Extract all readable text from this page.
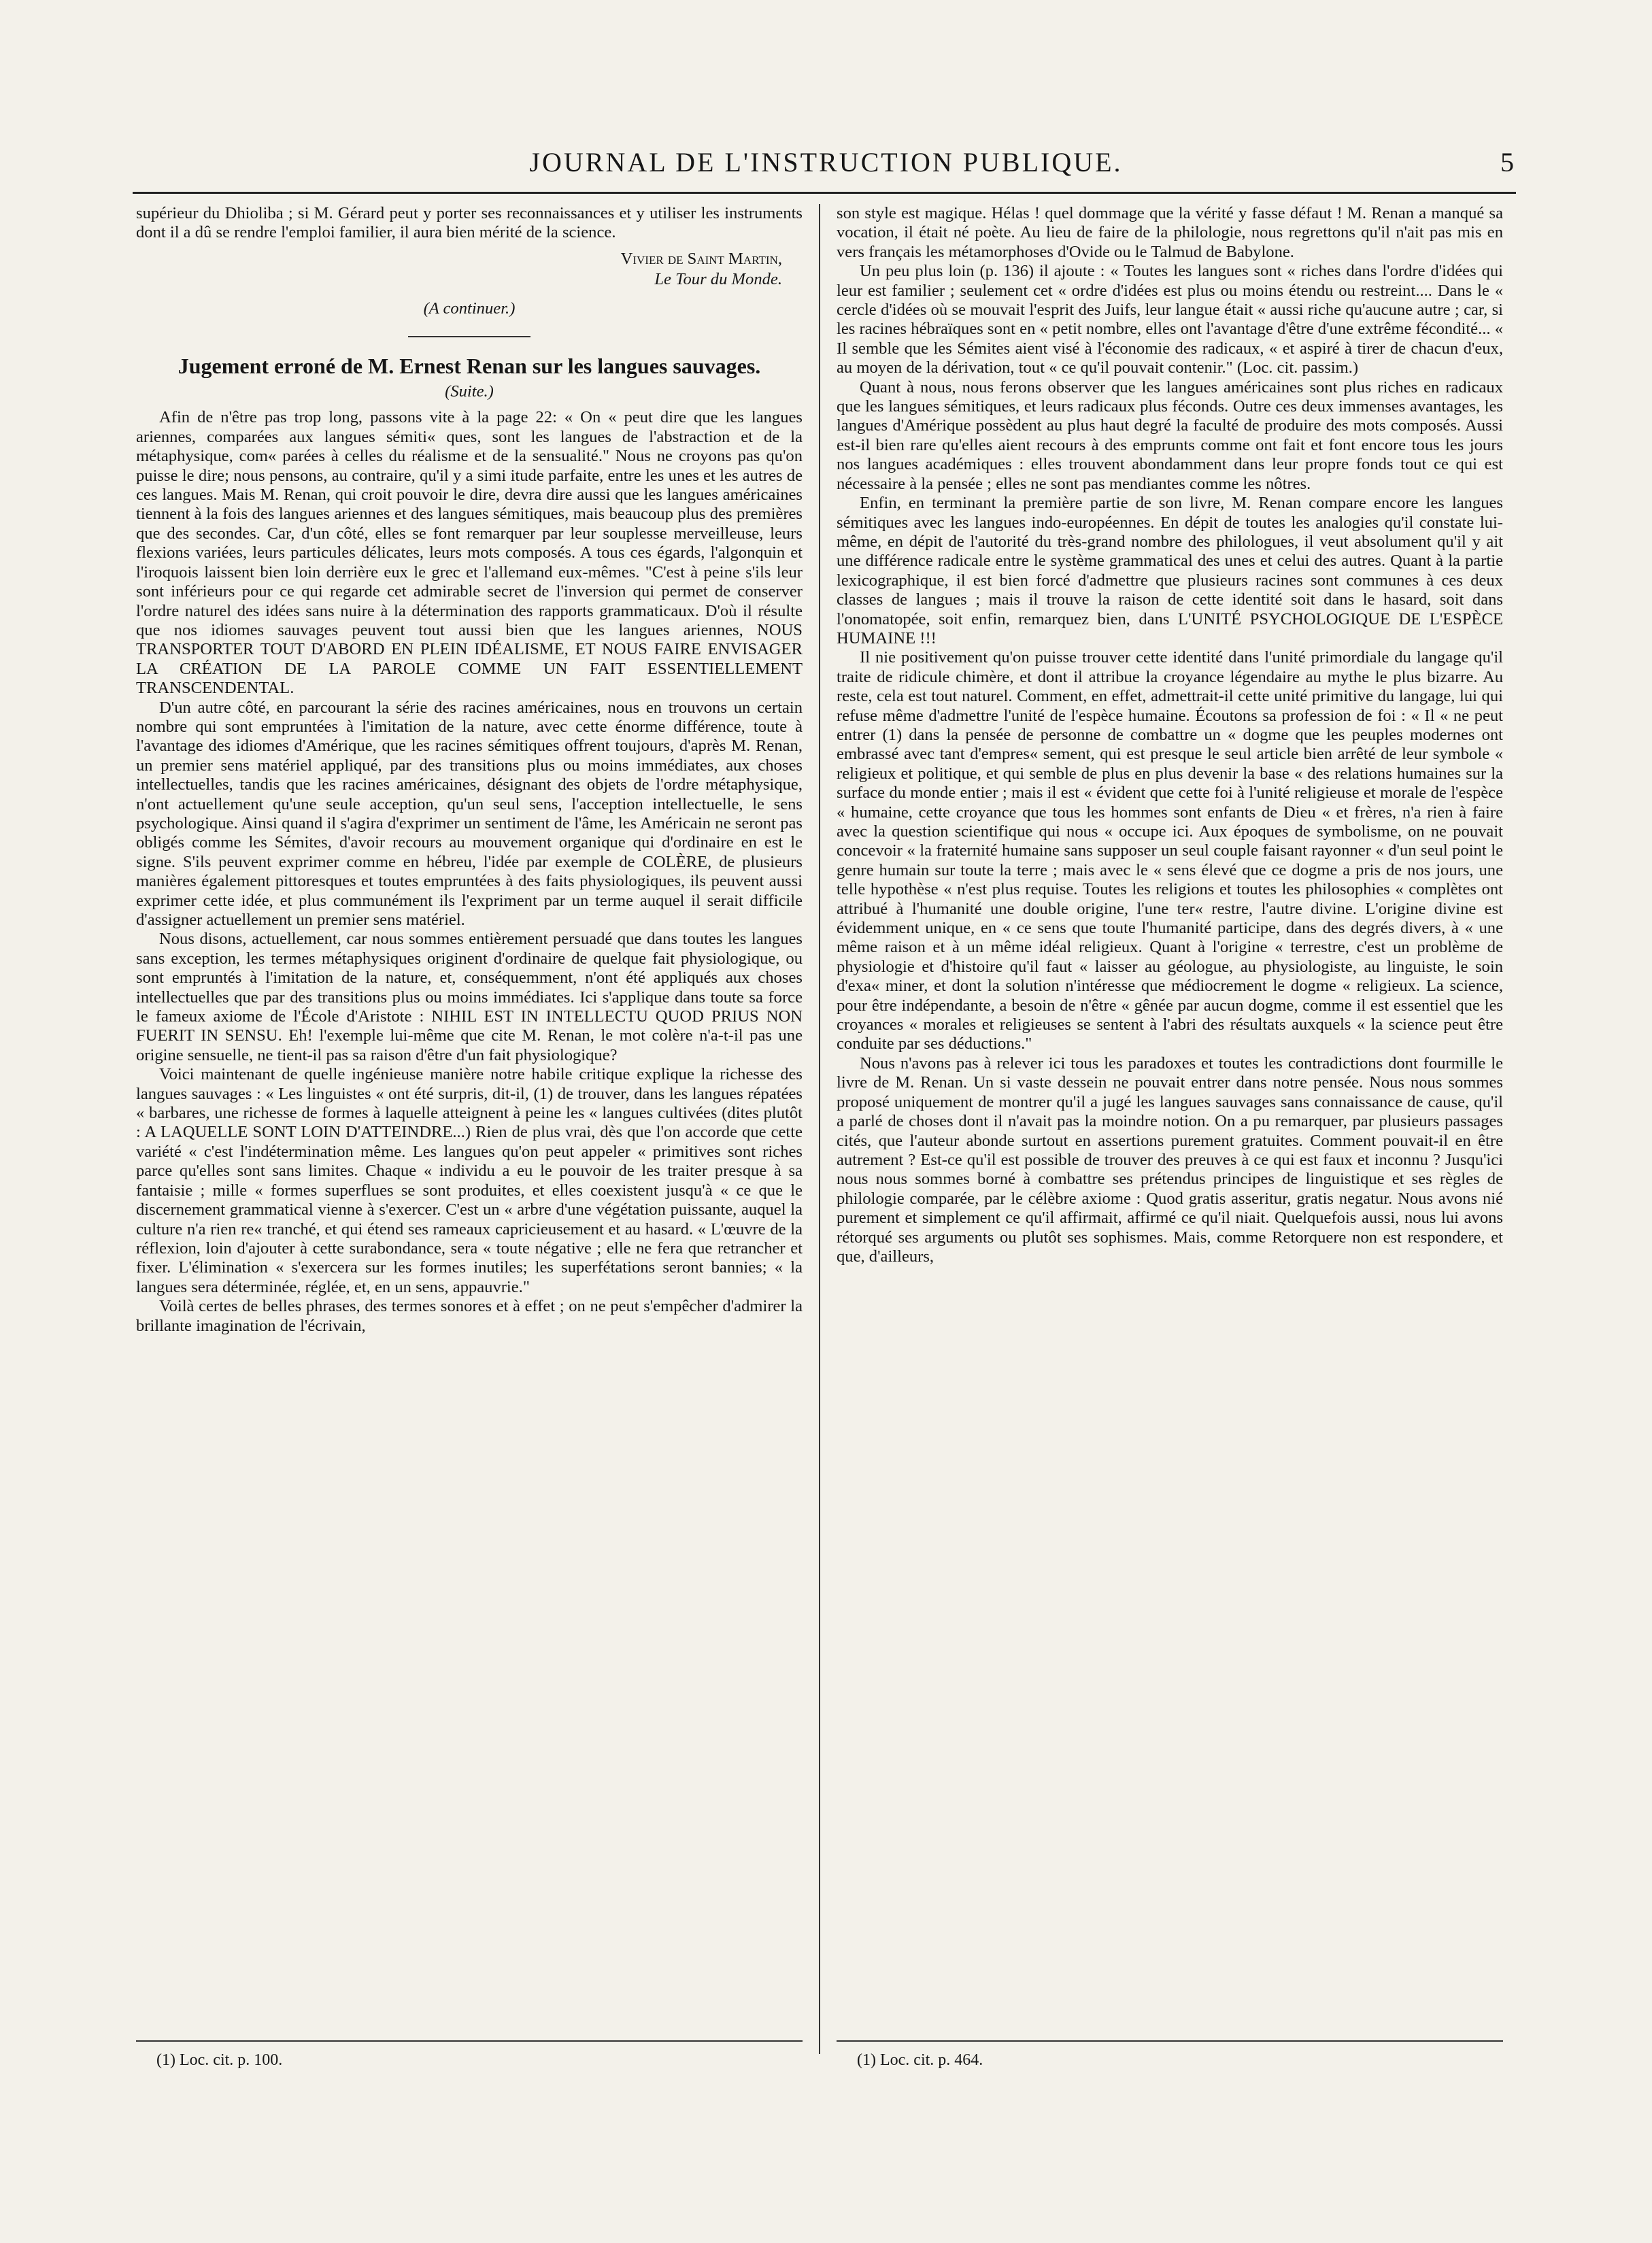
JOURNAL DE L'INSTRUCTION PUBLIQUE.	5

supérieur du Dhioliba ; si M. Gérard peut y porter ses reconnaissances et y utiliser les instruments dont il a dû se rendre l'emploi familier, il aura bien mérité de la science.

Vivier de Saint Martin,
Le Tour du Monde.
(A continuer.)
Jugement erroné de M. Ernest Renan sur les langues sauvages.
(Suite.)

Afin de n'être pas trop long, passons vite à la page 22: « On « peut dire que les langues ariennes, comparées aux langues sémiti« ques, sont les langues de l'abstraction et de la métaphysique, com« parées à celles du réalisme et de la sensualité." Nous ne croyons pas qu'on puisse le dire; nous pensons, au contraire, qu'il y a simi itude parfaite, entre les unes et les autres de ces langues. Mais M. Renan, qui croit pouvoir le dire, devra dire aussi que les langues américaines tiennent à la fois des langues ariennes et des langues sémitiques, mais beaucoup plus des premières que des secondes. Car, d'un côté, elles se font remarquer par leur souplesse merveilleuse, leurs flexions variées, leurs particules délicates, leurs mots composés. A tous ces égards, l'algonquin et l'iroquois laissent bien loin derrière eux le grec et l'allemand eux-mêmes. "C'est à peine s'ils leur sont inférieurs pour ce qui regarde cet admirable secret de l'inversion qui permet de conserver l'ordre naturel des idées sans nuire à la détermination des rapports grammaticaux. D'où il résulte que nos idiomes sauvages peuvent tout aussi bien que les langues ariennes, NOUS TRANSPORTER TOUT D'ABORD EN PLEIN IDÉALISME, ET NOUS FAIRE ENVISAGER LA CRÉATION DE LA PAROLE COMME UN FAIT ESSENTIELLEMENT TRANSCENDENTAL.

D'un autre côté, en parcourant la série des racines américaines, nous en trouvons un certain nombre qui sont empruntées à l'imitation de la nature, avec cette énorme différence, toute à l'avantage des idiomes d'Amérique, que les racines sémitiques offrent toujours, d'après M. Renan, un premier sens matériel appliqué, par des transitions plus ou moins immédiates, aux choses intellectuelles, tandis que les racines américaines, désignant des objets de l'ordre métaphysique, n'ont actuellement qu'une seule acception, qu'un seul sens, l'acception intellectuelle, le sens psychologique. Ainsi quand il s'agira d'exprimer un sentiment de l'âme, les Américain ne seront pas obligés comme les Sémites, d'avoir recours au mouvement organique qui d'ordinaire en est le signe. S'ils peuvent exprimer comme en hébreu, l'idée par exemple de COLÈRE, de plusieurs manières également pittoresques et toutes empruntées à des faits physiologiques, ils peuvent aussi exprimer cette idée, et plus communément ils l'expriment par un terme auquel il serait difficile d'assigner actuellement un premier sens matériel.

Nous disons, actuellement, car nous sommes entièrement persuadé que dans toutes les langues sans exception, les termes métaphysiques originent d'ordinaire de quelque fait physiologique, ou sont empruntés à l'imitation de la nature, et, conséquemment, n'ont été appliqués aux choses intellectuelles que par des transitions plus ou moins immédiates. Ici s'applique dans toute sa force le fameux axiome de l'École d'Aristote : NIHIL EST IN INTELLECTU QUOD PRIUS NON FUERIT IN SENSU. Eh! l'exemple lui-même que cite M. Renan, le mot colère n'a-t-il pas une origine sensuelle, ne tient-il pas sa raison d'être d'un fait physiologique?

Voici maintenant de quelle ingénieuse manière notre habile critique explique la richesse des langues sauvages : « Les linguistes « ont été surpris, dit-il, (1) de trouver, dans les langues répatées « barbares, une richesse de formes à laquelle atteignent à peine les « langues cultivées (dites plutôt : A LAQUELLE SONT LOIN D'ATTEINDRE...) Rien de plus vrai, dès que l'on accorde que cette variété « c'est l'indétermination même. Les langues qu'on peut appeler « primitives sont riches parce qu'elles sont sans limites. Chaque « individu a eu le pouvoir de les traiter presque à sa fantaisie ; mille « formes superflues se sont produites, et elles coexistent jusqu'à « ce que le discernement grammatical vienne à s'exercer. C'est un « arbre d'une végétation puissante, auquel la culture n'a rien re« tranché, et qui étend ses rameaux capricieusement et au hasard. « L'œuvre de la réflexion, loin d'ajouter à cette surabondance, sera « toute négative ; elle ne fera que retrancher et fixer. L'élimination « s'exercera sur les formes inutiles; les superfétations seront bannies; « la langues sera déterminée, réglée, et, en un sens, appauvrie."

Voilà certes de belles phrases, des termes sonores et à effet ; on ne peut s'empêcher d'admirer la brillante imagination de l'écrivain,

son style est magique. Hélas ! quel dommage que la vérité y fasse défaut ! M. Renan a manqué sa vocation, il était né poète. Au lieu de faire de la philologie, nous regrettons qu'il n'ait pas mis en vers français les métamorphoses d'Ovide ou le Talmud de Babylone.

Un peu plus loin (p. 136) il ajoute : « Toutes les langues sont « riches dans l'ordre d'idées qui leur est familier ; seulement cet « ordre d'idées est plus ou moins étendu ou restreint.... Dans le « cercle d'idées où se mouvait l'esprit des Juifs, leur langue était « aussi riche qu'aucune autre ; car, si les racines hébraïques sont en « petit nombre, elles ont l'avantage d'être d'une extrême fécondité... « Il semble que les Sémites aient visé à l'économie des radicaux, « et aspiré à tirer de chacun d'eux, au moyen de la dérivation, tout « ce qu'il pouvait contenir." (Loc. cit. passim.)

Quant à nous, nous ferons observer que les langues américaines sont plus riches en radicaux que les langues sémitiques, et leurs radicaux plus féconds. Outre ces deux immenses avantages, les langues d'Amérique possèdent au plus haut degré la faculté de produire des mots composés. Aussi est-il bien rare qu'elles aient recours à des emprunts comme ont fait et font encore tous les jours nos langues académiques : elles trouvent abondamment dans leur propre fonds tout ce qui est nécessaire à la pensée ; elles ne sont pas mendiantes comme les nôtres.

Enfin, en terminant la première partie de son livre, M. Renan compare encore les langues sémitiques avec les langues indo-européennes. En dépit de toutes les analogies qu'il constate lui-même, en dépit de l'autorité du très-grand nombre des philologues, il veut absolument qu'il y ait une différence radicale entre le système grammatical des unes et celui des autres. Quant à la partie lexicographique, il est bien forcé d'admettre que plusieurs racines sont communes à ces deux classes de langues ; mais il trouve la raison de cette identité soit dans le hasard, soit dans l'onomatopée, soit enfin, remarquez bien, dans L'UNITÉ PSYCHOLOGIQUE DE L'ESPÈCE HUMAINE !!!

Il nie positivement qu'on puisse trouver cette identité dans l'unité primordiale du langage qu'il traite de ridicule chimère, et dont il attribue la croyance légendaire au mythe le plus bizarre. Au reste, cela est tout naturel. Comment, en effet, admettrait-il cette unité primitive du langage, lui qui refuse même d'admettre l'unité de l'espèce humaine. Écoutons sa profession de foi : « Il « ne peut entrer (1) dans la pensée de personne de combattre un « dogme que les peuples modernes ont embrassé avec tant d'empres« sement, qui est presque le seul article bien arrêté de leur symbole « religieux et politique, et qui semble de plus en plus devenir la base « des relations humaines sur la surface du monde entier ; mais il est « évident que cette foi à l'unité religieuse et morale de l'espèce « humaine, cette croyance que tous les hommes sont enfants de Dieu « et frères, n'a rien à faire avec la question scientifique qui nous « occupe ici. Aux époques de symbolisme, on ne pouvait concevoir « la fraternité humaine sans supposer un seul couple faisant rayonner « d'un seul point le genre humain sur toute la terre ; mais avec le « sens élevé que ce dogme a pris de nos jours, une telle hypothèse « n'est plus requise. Toutes les religions et toutes les philosophies « complètes ont attribué à l'humanité une double origine, l'une ter« restre, l'autre divine. L'origine divine est évidemment unique, en « ce sens que toute l'humanité participe, dans des degrés divers, à « une même raison et à un même idéal religieux. Quant à l'origine « terrestre, c'est un problème de physiologie et d'histoire qu'il faut « laisser au géologue, au physiologiste, au linguiste, le soin d'exa« miner, et dont la solution n'intéresse que médiocrement le dogme « religieux. La science, pour être indépendante, a besoin de n'être « gênée par aucun dogme, comme il est essentiel que les croyances « morales et religieuses se sentent à l'abri des résultats auxquels « la science peut être conduite par ses déductions."

Nous n'avons pas à relever ici tous les paradoxes et toutes les contradictions dont fourmille le livre de M. Renan. Un si vaste dessein ne pouvait entrer dans notre pensée. Nous nous sommes proposé uniquement de montrer qu'il a jugé les langues sauvages sans connaissance de cause, qu'il a parlé de choses dont il n'avait pas la moindre notion. On a pu remarquer, par plusieurs passages cités, que l'auteur abonde surtout en assertions purement gratuites. Comment pouvait-il en être autrement ? Est-ce qu'il est possible de trouver des preuves à ce qui est faux et inconnu ? Jusqu'ici nous nous sommes borné à combattre ses prétendus principes de linguistique et ses règles de philologie comparée, par le célèbre axiome : Quod gratis asseritur, gratis negatur. Nous avons nié purement et simplement ce qu'il affirmait, affirmé ce qu'il niait. Quelquefois aussi, nous lui avons rétorqué ses arguments ou plutôt ses sophismes. Mais, comme Retorquere non est respondere, et que, d'ailleurs,

(1) Loc. cit. p. 100.	(1) Loc. cit. p. 464.
